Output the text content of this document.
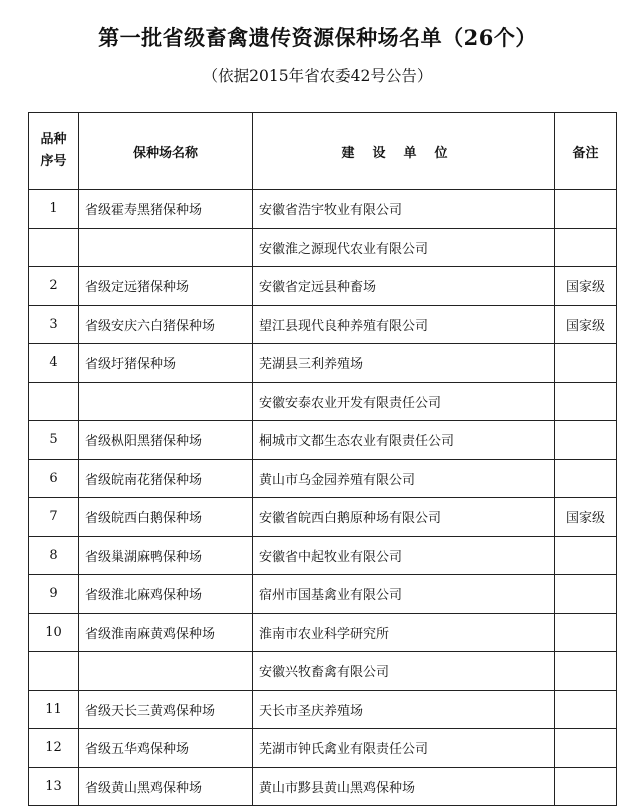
第一批省级畜禽遗传资源保种场名单（26个）
（依据2015年省农委42号公告）
品种
序号	保种场名称	建设单位	备注
1	省级霍寿黑猪保种场	安徽省浩宇牧业有限公司	
		安徽淮之源现代农业有限公司	
2	省级定远猪保种场	安徽省定远县种畜场	国家级
3	省级安庆六白猪保种场	望江县现代良种养殖有限公司	国家级
4	省级圩猪保种场	芜湖县三利养殖场	
		安徽安泰农业开发有限责任公司	
5	省级枞阳黑猪保种场	桐城市文都生态农业有限责任公司	
6	省级皖南花猪保种场	黄山市乌金园养殖有限公司	
7	省级皖西白鹅保种场	安徽省皖西白鹅原种场有限公司	国家级
8	省级巢湖麻鸭保种场	安徽省中起牧业有限公司	
9	省级淮北麻鸡保种场	宿州市国基禽业有限公司	
10	省级淮南麻黄鸡保种场	淮南市农业科学研究所	
		安徽兴牧畜禽有限公司	
11	省级天长三黄鸡保种场	天长市圣庆养殖场	
12	省级五华鸡保种场	芜湖市钟氏禽业有限责任公司	
13	省级黄山黑鸡保种场	黄山市黟县黄山黑鸡保种场	
